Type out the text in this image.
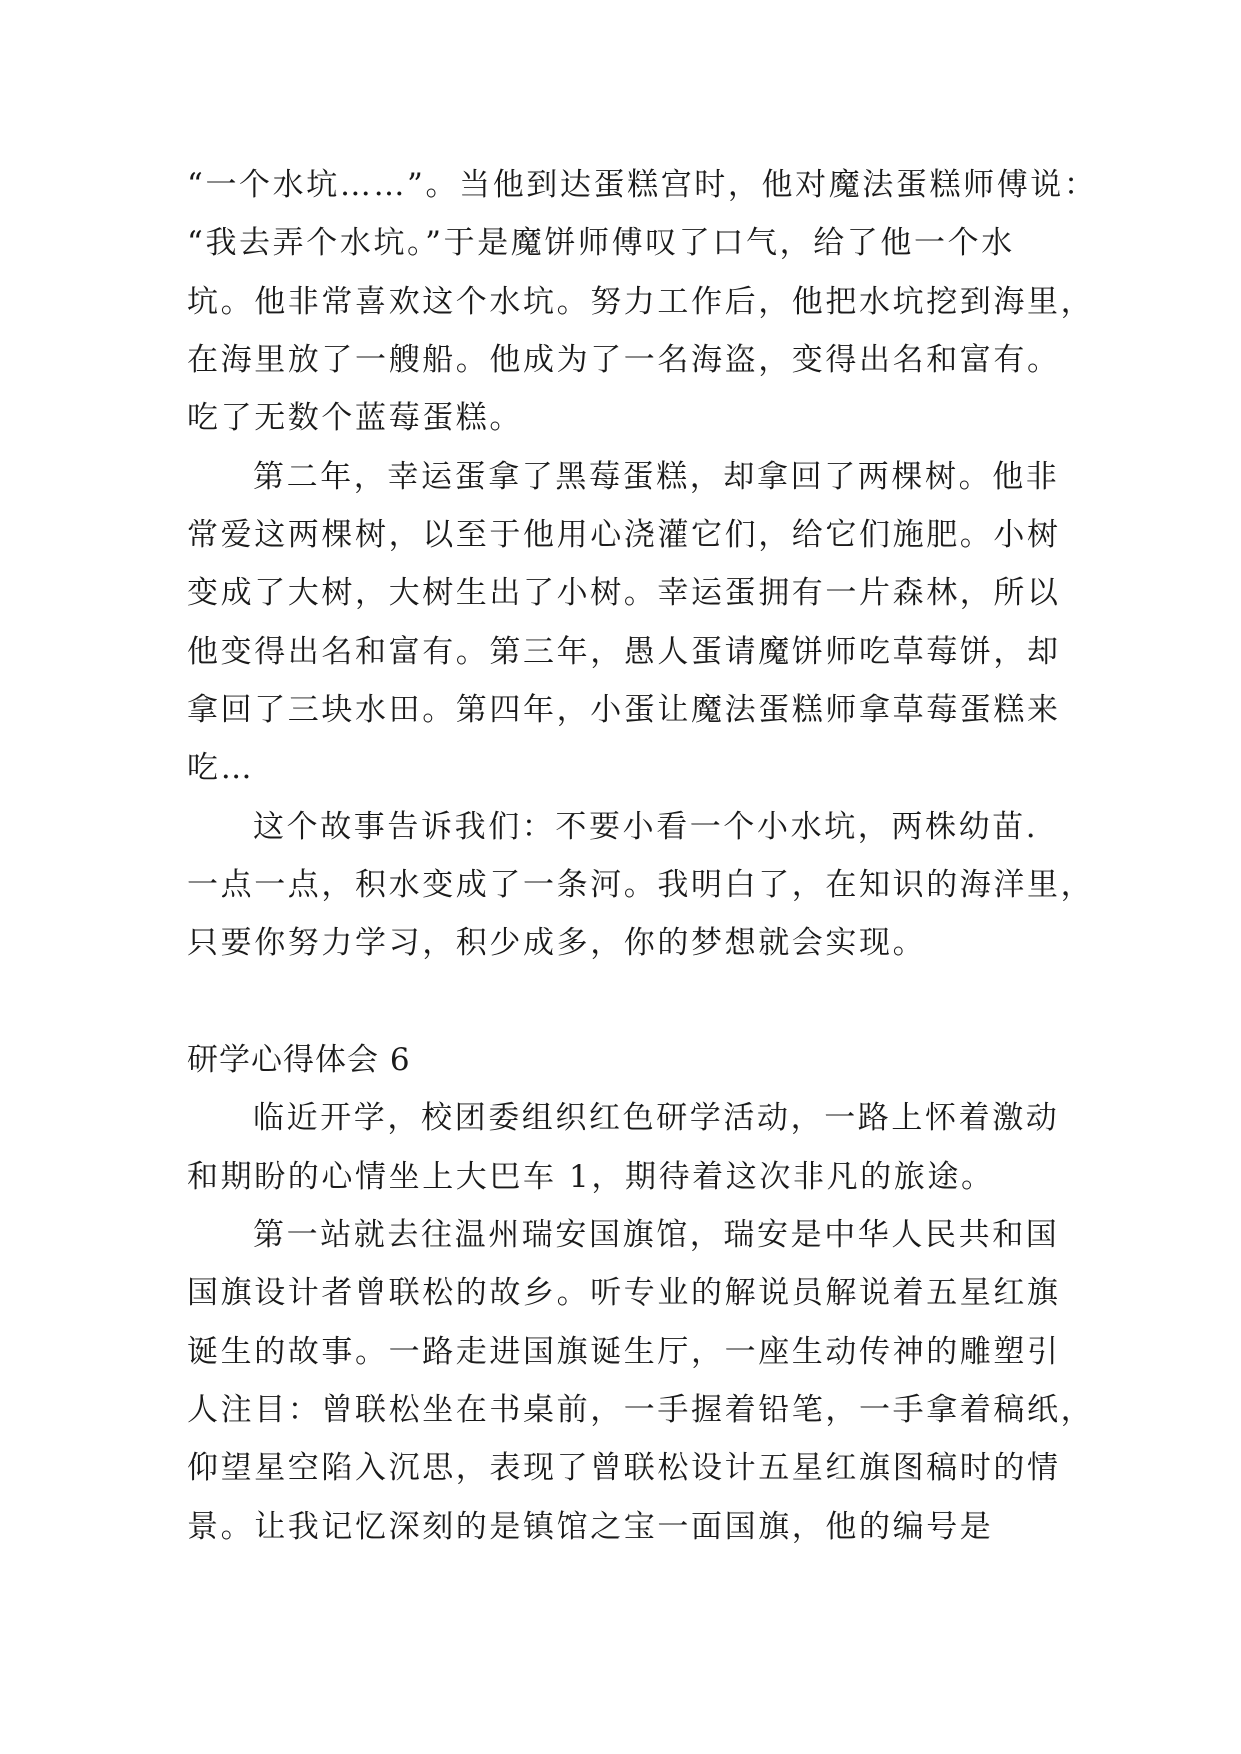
“一个水坑……”。当他到达蛋糕宫时，他对魔法蛋糕师傅说：
“我去弄个水坑。”于是魔饼师傅叹了口气，给了他一个水
坑。他非常喜欢这个水坑。努力工作后，他把水坑挖到海里，
在海里放了一艘船。他成为了一名海盗，变得出名和富有。
吃了无数个蓝莓蛋糕。
第二年，幸运蛋拿了黑莓蛋糕，却拿回了两棵树。他非
常爱这两棵树，以至于他用心浇灌它们，给它们施肥。小树
变成了大树，大树生出了小树。幸运蛋拥有一片森林，所以
他变得出名和富有。第三年，愚人蛋请魔饼师吃草莓饼，却
拿回了三块水田。第四年，小蛋让魔法蛋糕师拿草莓蛋糕来
吃…
这个故事告诉我们：不要小看一个小水坑，两株幼苗.
一点一点，积水变成了一条河。我明白了，在知识的海洋里，
只要你努力学习，积少成多，你的梦想就会实现。
研学心得体会 6
临近开学，校团委组织红色研学活动，一路上怀着激动
和期盼的心情坐上大巴车 1，期待着这次非凡的旅途。
第一站就去往温州瑞安国旗馆，瑞安是中华人民共和国
国旗设计者曾联松的故乡。听专业的解说员解说着五星红旗
诞生的故事。一路走进国旗诞生厅，一座生动传神的雕塑引
人注目：曾联松坐在书桌前，一手握着铅笔，一手拿着稿纸，
仰望星空陷入沉思，表现了曾联松设计五星红旗图稿时的情
景。让我记忆深刻的是镇馆之宝一面国旗，他的编号是
